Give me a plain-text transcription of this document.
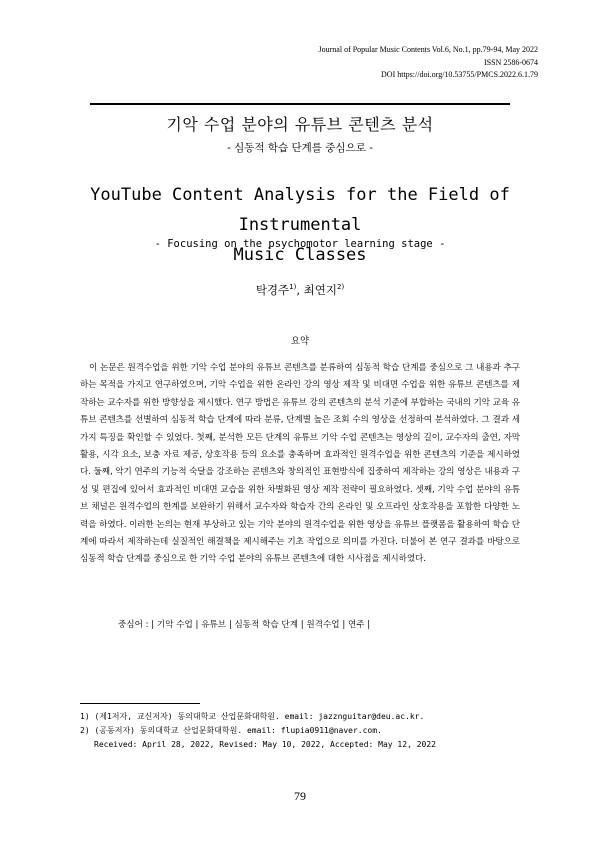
Journal of Popular Music Contents Vol.6, No.1, pp.79-94, May 2022
ISSN 2586-0674
DOI https://doi.org/10.53755/PMCS.2022.6.1.79
기악 수업 분야의 유튜브 콘텐츠 분석
- 심동적 학습 단계를 중심으로 -
YouTube Content Analysis for the Field of Instrumental
Music Classes
- Focusing on the psychomotor learning stage -
탁경주$^{1)}$, 최연지$^{2)}$
요약
이 논문은 원격수업을 위한 기악 수업 분야의 유튜브 콘텐츠를 분류하여 심동적 학습 단계를 중심으로 그 내용과 추구하는 목적을 가지고 연구하였으며, 기악 수업을 위한 온라인 강의 영상 제작 및 비대면 수업을 위한 유튜브 콘텐츠를 제작하는 교수자를 위한 방향성을 제시했다. 연구 방법은 유튜브 강의 콘텐츠의 분석 기준에 부합하는 국내의 기악 교육 유튜브 콘텐츠를 선별하여 심동적 학습 단계에 따라 분류, 단계별 높은 조회 수의 영상을 선정하여 분석하였다. 그 결과 세 가지 특징을 확인할 수 있었다. 첫째, 분석한 모든 단계의 유튜브 기악 수업 콘텐츠는 영상의 길이, 교수자의 출연, 자막 활용, 시각 요소, 보충 자료 제공, 상호작용 등의 요소를 충족하며 효과적인 원격수업을 위한 콘텐츠의 기준을 제시하였다. 둘째, 악기 연주의 기능적 숙달을 강조하는 콘텐츠와 창의적인 표현방식에 집중하여 제작하는 강의 영상은 내용과 구성 및 편집에 있어서 효과적인 비대면 교습을 위한 차별화된 영상 제작 전략이 필요하였다. 셋째, 기악 수업 분야의 유튜브 채널은 원격수업의 한계를 보완하기 위해서 교수자와 학습자 간의 온라인 및 오프라인 상호작용을 포함한 다양한 노력을 하였다. 이러한 논의는 현재 부상하고 있는 기악 분야의 원격수업을 위한 영상을 유튜브 플랫폼을 활용하여 학습 단계에 따라서 제작하는데 실질적인 해결책을 제시해주는 기초 작업으로 의미를 가진다. 더불어 본 연구 결과를 바탕으로 심동적 학습 단계를 중심으로 한 기악 수업 분야의 유튜브 콘텐츠에 대한 시사점을 제시하였다.
중심어 : | 기악 수업 | 유튜브 | 심동적 학습 단계 | 원격수업 | 연주 |
1) (제1저자, 교신저자) 동의대학교 산업문화대학원. email: jazznguitar@deu.ac.kr.
2) (공동저자) 동의대학교 산업문화대학원. email: flupia0911@naver.com.
Received: April 28, 2022, Revised: May 10, 2022, Accepted: May 12, 2022
79
